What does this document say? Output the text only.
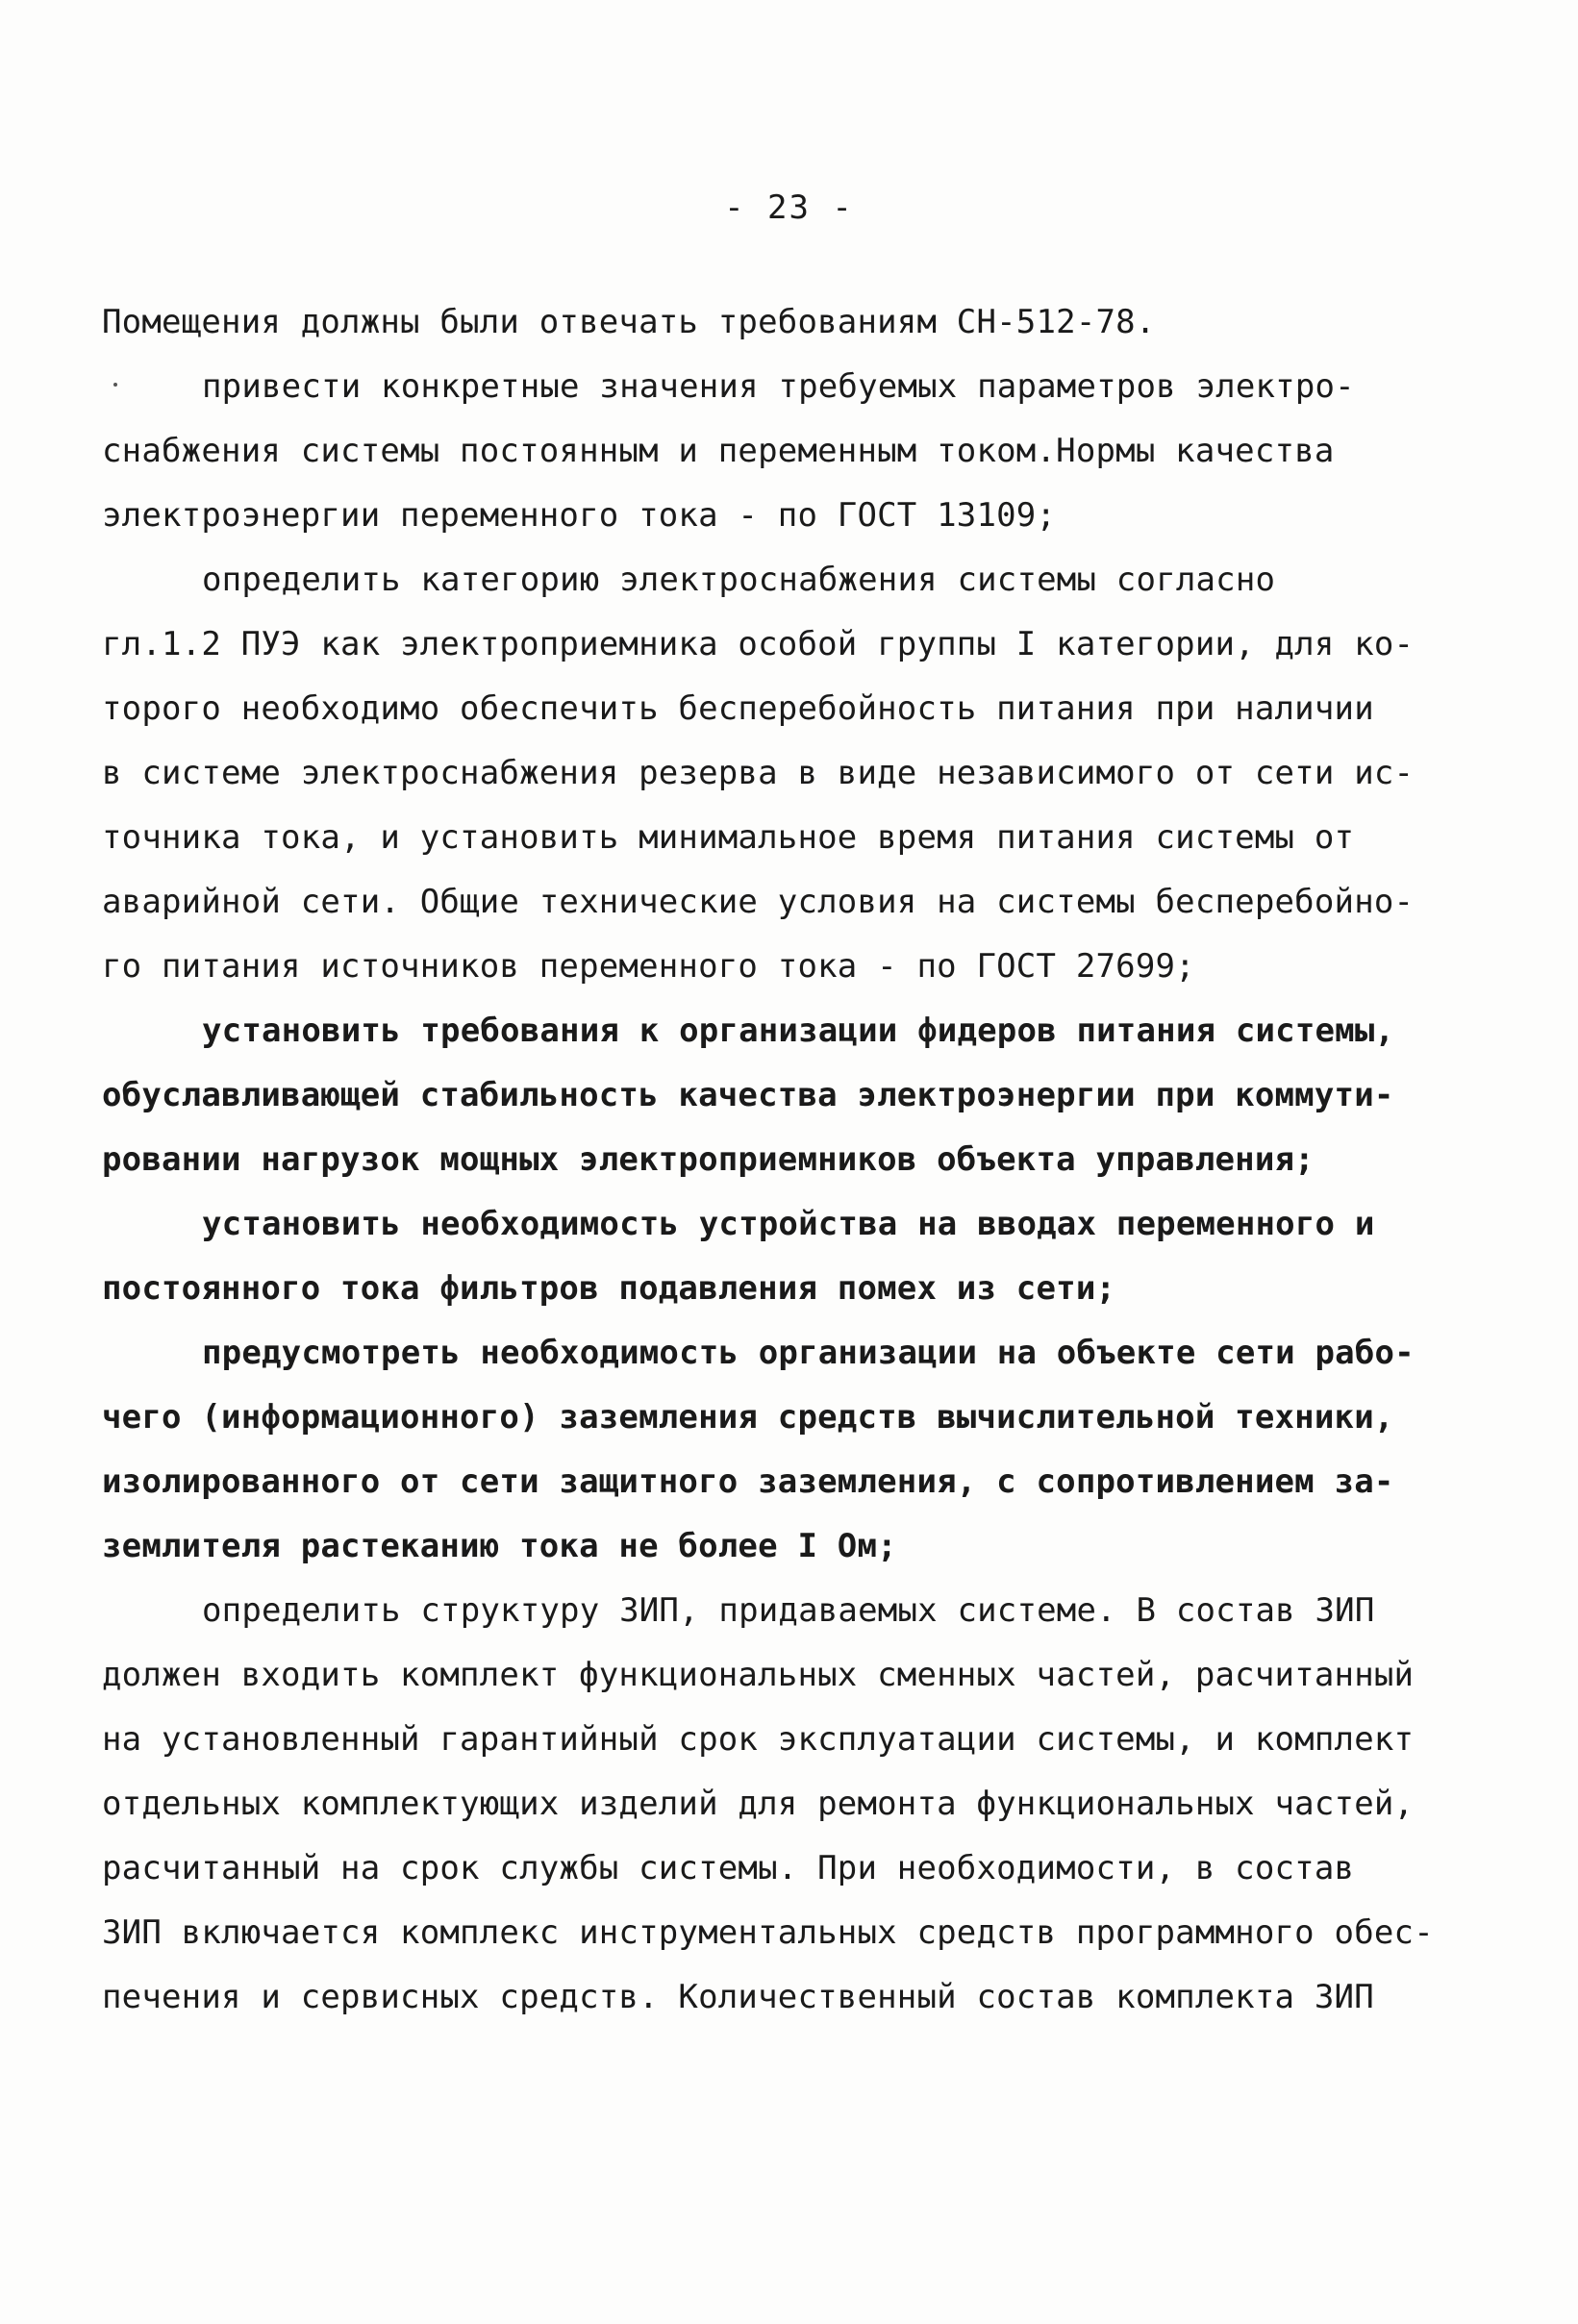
- 23 -
Помещения должны были отвечать требованиям СН-512-78.
привести конкретные значения требуемых параметров электро-
снабжения системы постоянным и переменным током.Нормы качества
электроэнергии переменного тока - по ГОСТ 13109;
определить категорию электроснабжения системы согласно
гл.1.2 ПУЭ как электроприемника особой группы I категории, для ко-
торого необходимо обеспечить бесперебойность питания при наличии
в системе электроснабжения резерва в виде независимого от сети ис-
точника тока, и установить минимальное время питания системы от
аварийной сети. Общие технические условия на системы бесперебойно-
го питания источников переменного тока - по ГОСТ 27699;
установить требования к организации фидеров питания системы,
обуславливающей стабильность качества электроэнергии при коммути-
ровании нагрузок мощных электроприемников объекта управления;
установить необходимость устройства на вводах переменного и
постоянного тока фильтров подавления помех из сети;
предусмотреть необходимость организации на объекте сети рабо-
чего (информационного) заземления средств вычислительной техники,
изолированного от сети защитного заземления, с сопротивлением за-
землителя растеканию тока не более I Ом;
определить структуру ЗИП, придаваемых системе. В состав ЗИП
должен входить комплект функциональных сменных частей, расчитанный
на установленный гарантийный срок эксплуатации системы, и комплект
отдельных комплектующих изделий для ремонта функциональных частей,
расчитанный на срок службы системы. При необходимости, в состав
ЗИП включается комплекс инструментальных средств программного обес-
печения и сервисных средств. Количественный состав комплекта ЗИП
